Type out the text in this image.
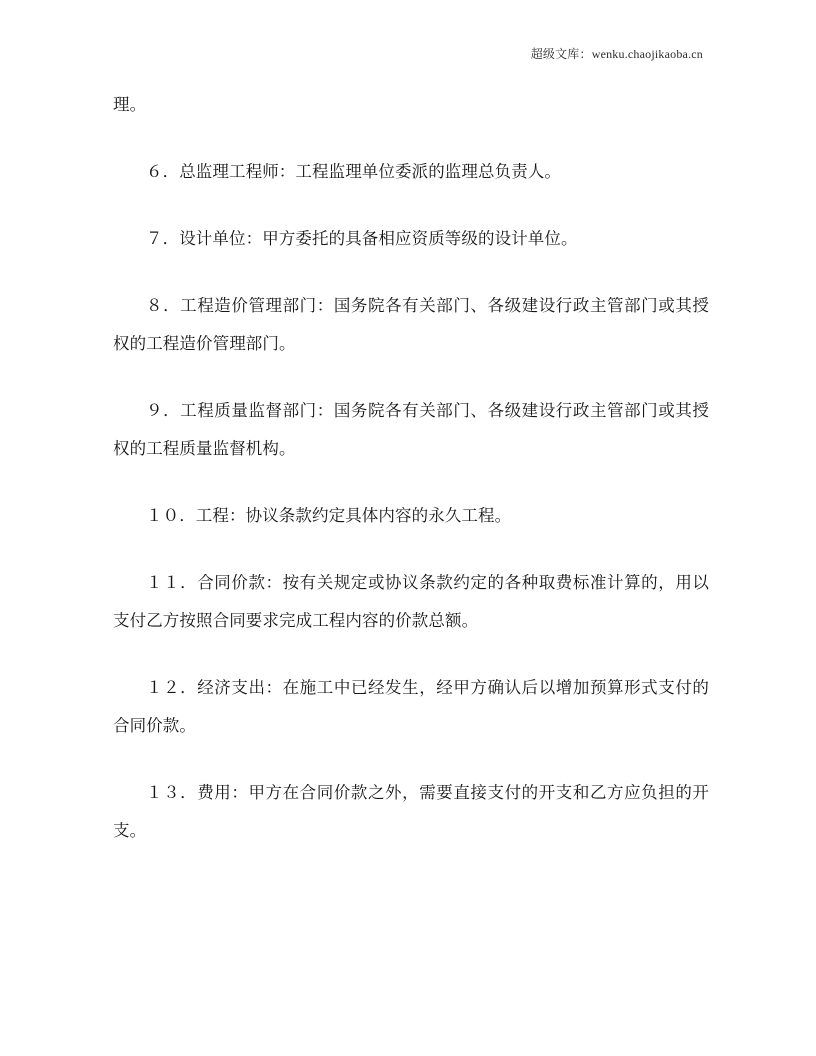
超级文库：wenku.chaojikaoba.cn

理。

６．总监理工程师：工程监理单位委派的监理总负责人。

７．设计单位：甲方委托的具备相应资质等级的设计单位。

８．工程造价管理部门：国务院各有关部门、各级建设行政主管部门或其授权的工程造价管理部门。

９．工程质量监督部门：国务院各有关部门、各级建设行政主管部门或其授权的工程质量监督机构。

１０．工程：协议条款约定具体内容的永久工程。

１１．合同价款：按有关规定或协议条款约定的各种取费标准计算的，用以支付乙方按照合同要求完成工程内容的价款总额。

１２．经济支出：在施工中已经发生，经甲方确认后以增加预算形式支付的合同价款。

１３．费用：甲方在合同价款之外，需要直接支付的开支和乙方应负担的开支。
